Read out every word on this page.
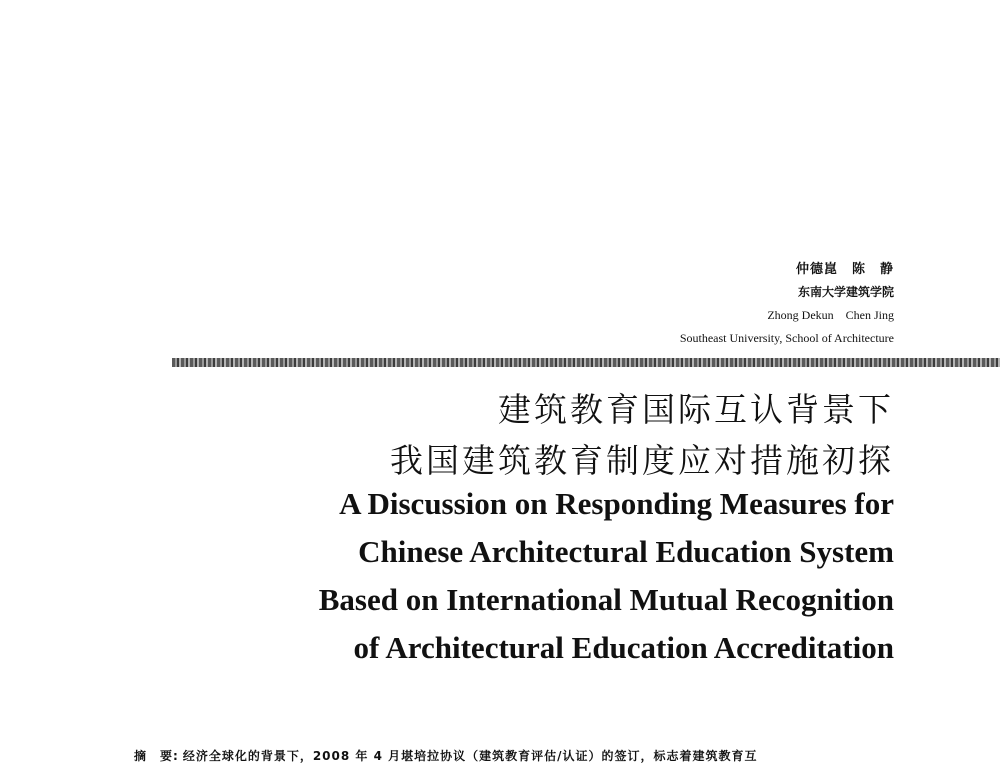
仲德崑　陈　静
东南大学建筑学院
Zhong Dekun　Chen Jing
Southeast University, School of Architecture
建筑教育国际互认背景下
我国建筑教育制度应对措施初探
A Discussion on Responding Measures for
Chinese Architectural Education System
Based on International Mutual Recognition
of Architectural Education Accreditation
摘　要: 经济全球化的背景下，2008 年 4 月堪培拉协议（建筑教育评估/认证）的签订，标志着建筑教育互
